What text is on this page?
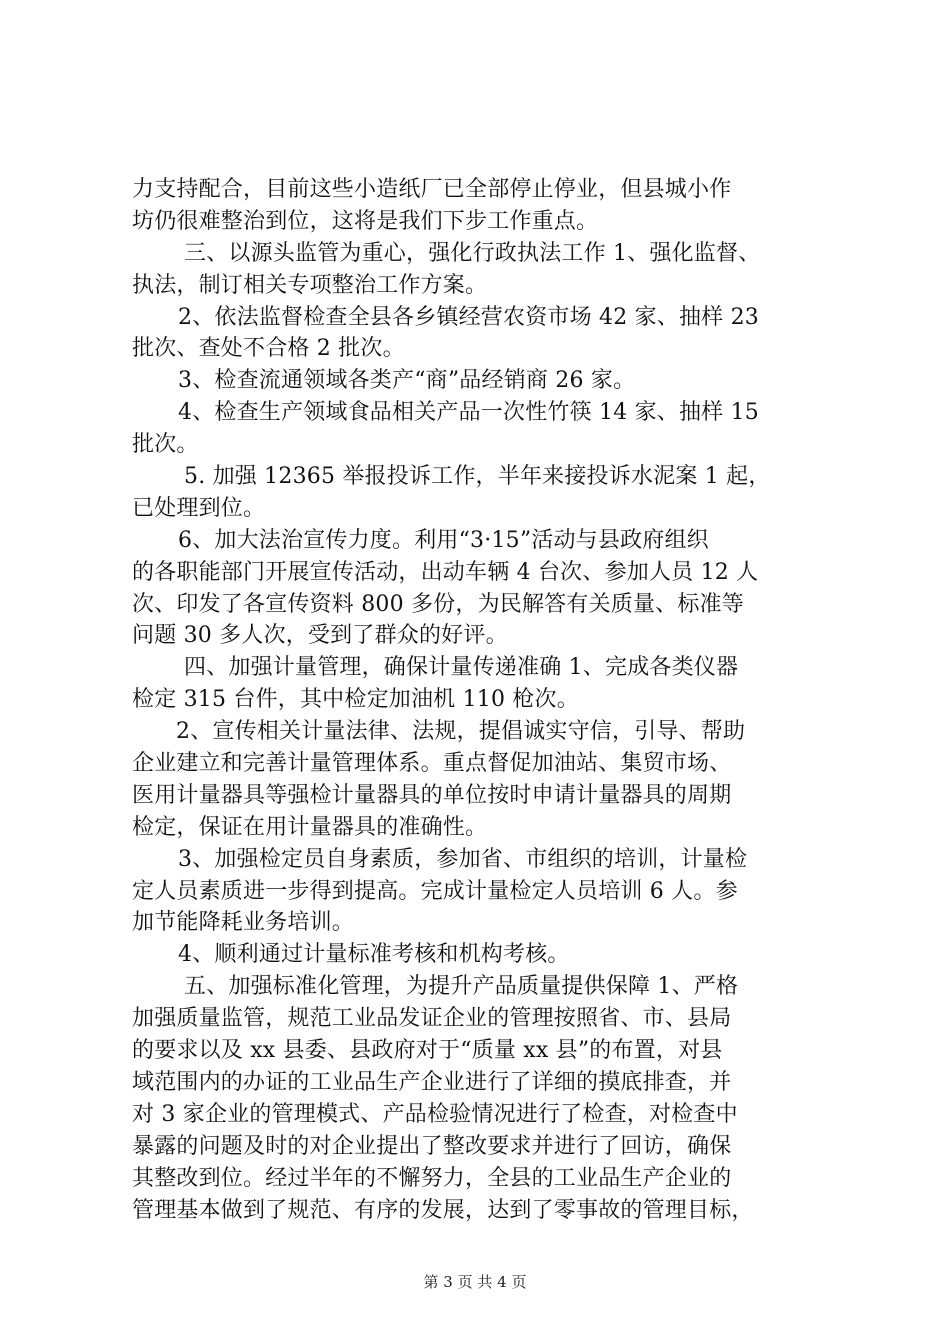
力支持配合，目前这些小造纸厂已全部停止停业，但县城小作
坊仍很难整治到位，这将是我们下步工作重点。
三、以源头监管为重心，强化行政执法工作 1、强化监督、
执法，制订相关专项整治工作方案。
2、依法监督检查全县各乡镇经营农资市场 42 家、抽样 23
批次、查处不合格 2 批次。
3、检查流通领域各类产“商”品经销商 26 家。
4、检查生产领域食品相关产品一次性竹筷 14 家、抽样 15
批次。
5. 加强 12365 举报投诉工作，半年来接投诉水泥案 1 起，
已处理到位。
6、加大法治宣传力度。利用“3·15”活动与县政府组织
的各职能部门开展宣传活动，出动车辆 4 台次、参加人员 12 人
次、印发了各宣传资料 800 多份，为民解答有关质量、标准等
问题 30 多人次，受到了群众的好评。
四、加强计量管理，确保计量传递准确 1、完成各类仪器
检定 315 台件，其中检定加油机 110 枪次。
2、宣传相关计量法律、法规，提倡诚实守信，引导、帮助
企业建立和完善计量管理体系。重点督促加油站、集贸市场、
医用计量器具等强检计量器具的单位按时申请计量器具的周期
检定，保证在用计量器具的准确性。
3、加强检定员自身素质，参加省、市组织的培训，计量检
定人员素质进一步得到提高。完成计量检定人员培训 6 人。参
加节能降耗业务培训。
4、顺利通过计量标准考核和机构考核。
五、加强标准化管理，为提升产品质量提供保障 1、严格
加强质量监管，规范工业品发证企业的管理按照省、市、县局
的要求以及 xx 县委、县政府对于“质量 xx 县”的布置，对县
域范围内的办证的工业品生产企业进行了详细的摸底排查，并
对 3 家企业的管理模式、产品检验情况进行了检查，对检查中
暴露的问题及时的对企业提出了整改要求并进行了回访，确保
其整改到位。经过半年的不懈努力，全县的工业品生产企业的
管理基本做到了规范、有序的发展，达到了零事故的管理目标，
第 3 页 共 4 页
